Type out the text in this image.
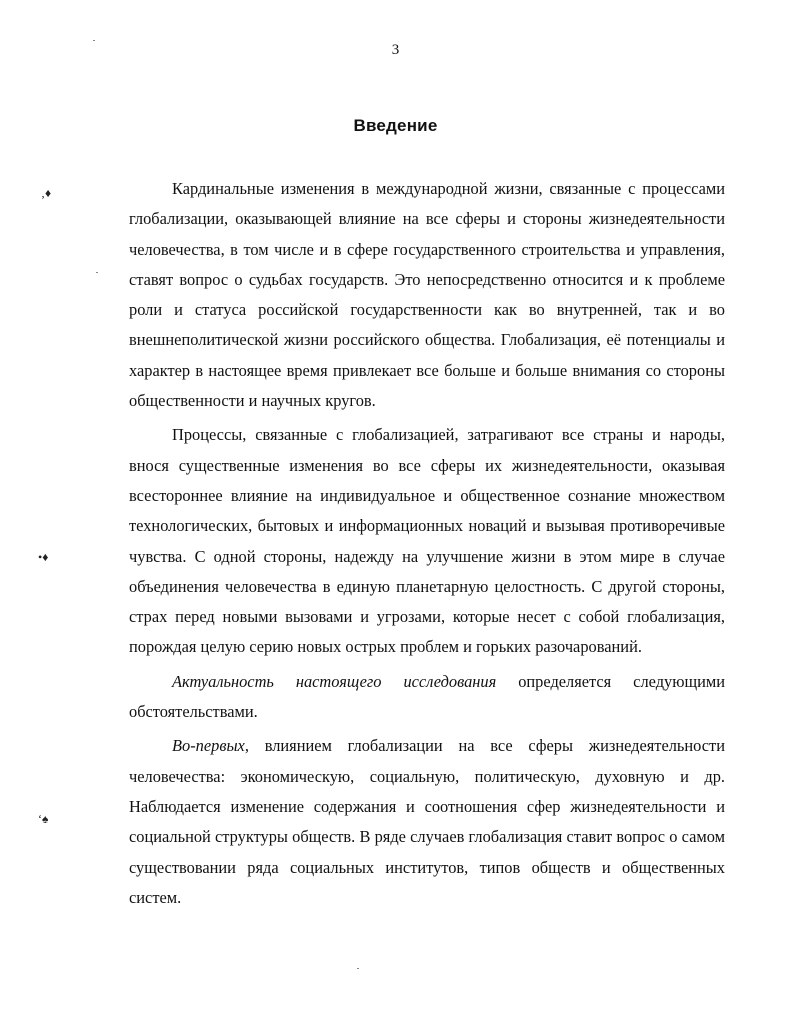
3
Введение

Кардинальные изменения в международной жизни, связанные с процессами глобализации, оказывающей влияние на все сферы и стороны жизнедеятельности человечества, в том числе и в сфере государственного строительства и управления, ставят вопрос о судьбах государств. Это непосредственно относится и к проблеме роли и статуса российской государственности как во внутренней, так и во внешнеполитической жизни российского общества. Глобализация, её потенциалы и характер в настоящее время привлекает все больше и больше внимания со стороны общественности и научных кругов.

Процессы, связанные с глобализацией, затрагивают все страны и народы, внося существенные изменения во все сферы их жизнедеятельности, оказывая всестороннее влияние на индивидуальное и общественное сознание множеством технологических, бытовых и информационных новаций и вызывая противоречивые чувства. С одной стороны, надежду на улучшение жизни в этом мире в случае объединения человечества в единую планетарную целостность. С другой стороны, страх перед новыми вызовами и угрозами, которые несет с собой глобализация, порождая целую серию новых острых проблем и горьких разочарований.

Актуальность настоящего исследования определяется следующими обстоятельствами.

Во-первых, влиянием глобализации на все сферы жизнедеятельности человечества: экономическую, социальную, политическую, духовную и др. Наблюдается изменение содержания и соотношения сфер жизнедеятельности и социальной структуры обществ. В ряде случаев глобализация ставит вопрос о самом существовании ряда социальных институтов, типов обществ и общественных систем.

‚♦
•♦
‘♠
